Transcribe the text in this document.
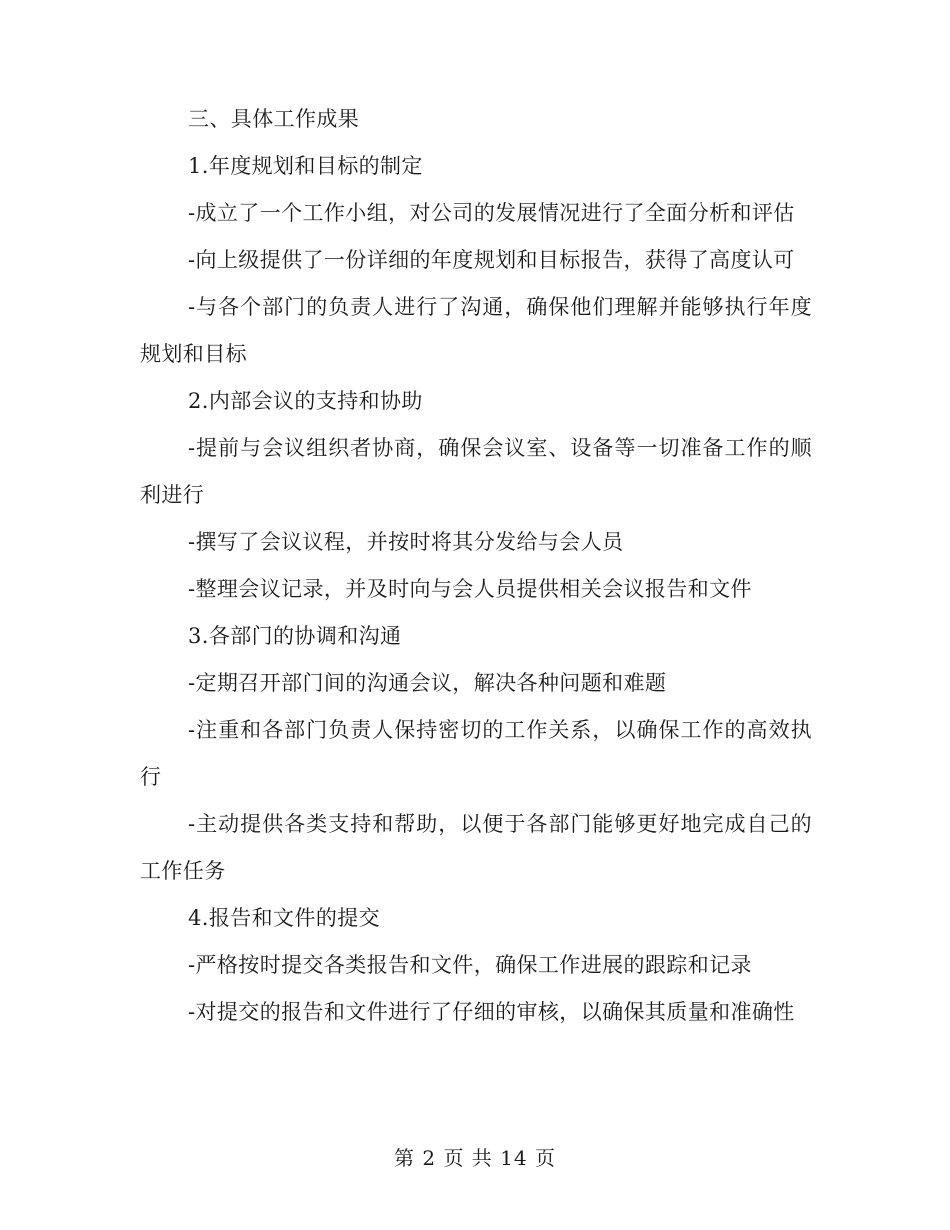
三、具体工作成果

1.年度规划和目标的制定

-成立了一个工作小组，对公司的发展情况进行了全面分析和评估

-向上级提供了一份详细的年度规划和目标报告，获得了高度认可

-与各个部门的负责人进行了沟通，确保他们理解并能够执行年度规划和目标

2.内部会议的支持和协助

-提前与会议组织者协商，确保会议室、设备等一切准备工作的顺利进行

-撰写了会议议程，并按时将其分发给与会人员

-整理会议记录，并及时向与会人员提供相关会议报告和文件

3.各部门的协调和沟通

-定期召开部门间的沟通会议，解决各种问题和难题

-注重和各部门负责人保持密切的工作关系，以确保工作的高效执行

-主动提供各类支持和帮助，以便于各部门能够更好地完成自己的工作任务

4.报告和文件的提交

-严格按时提交各类报告和文件，确保工作进展的跟踪和记录

-对提交的报告和文件进行了仔细的审核，以确保其质量和准确性

第 2 页 共 14 页
